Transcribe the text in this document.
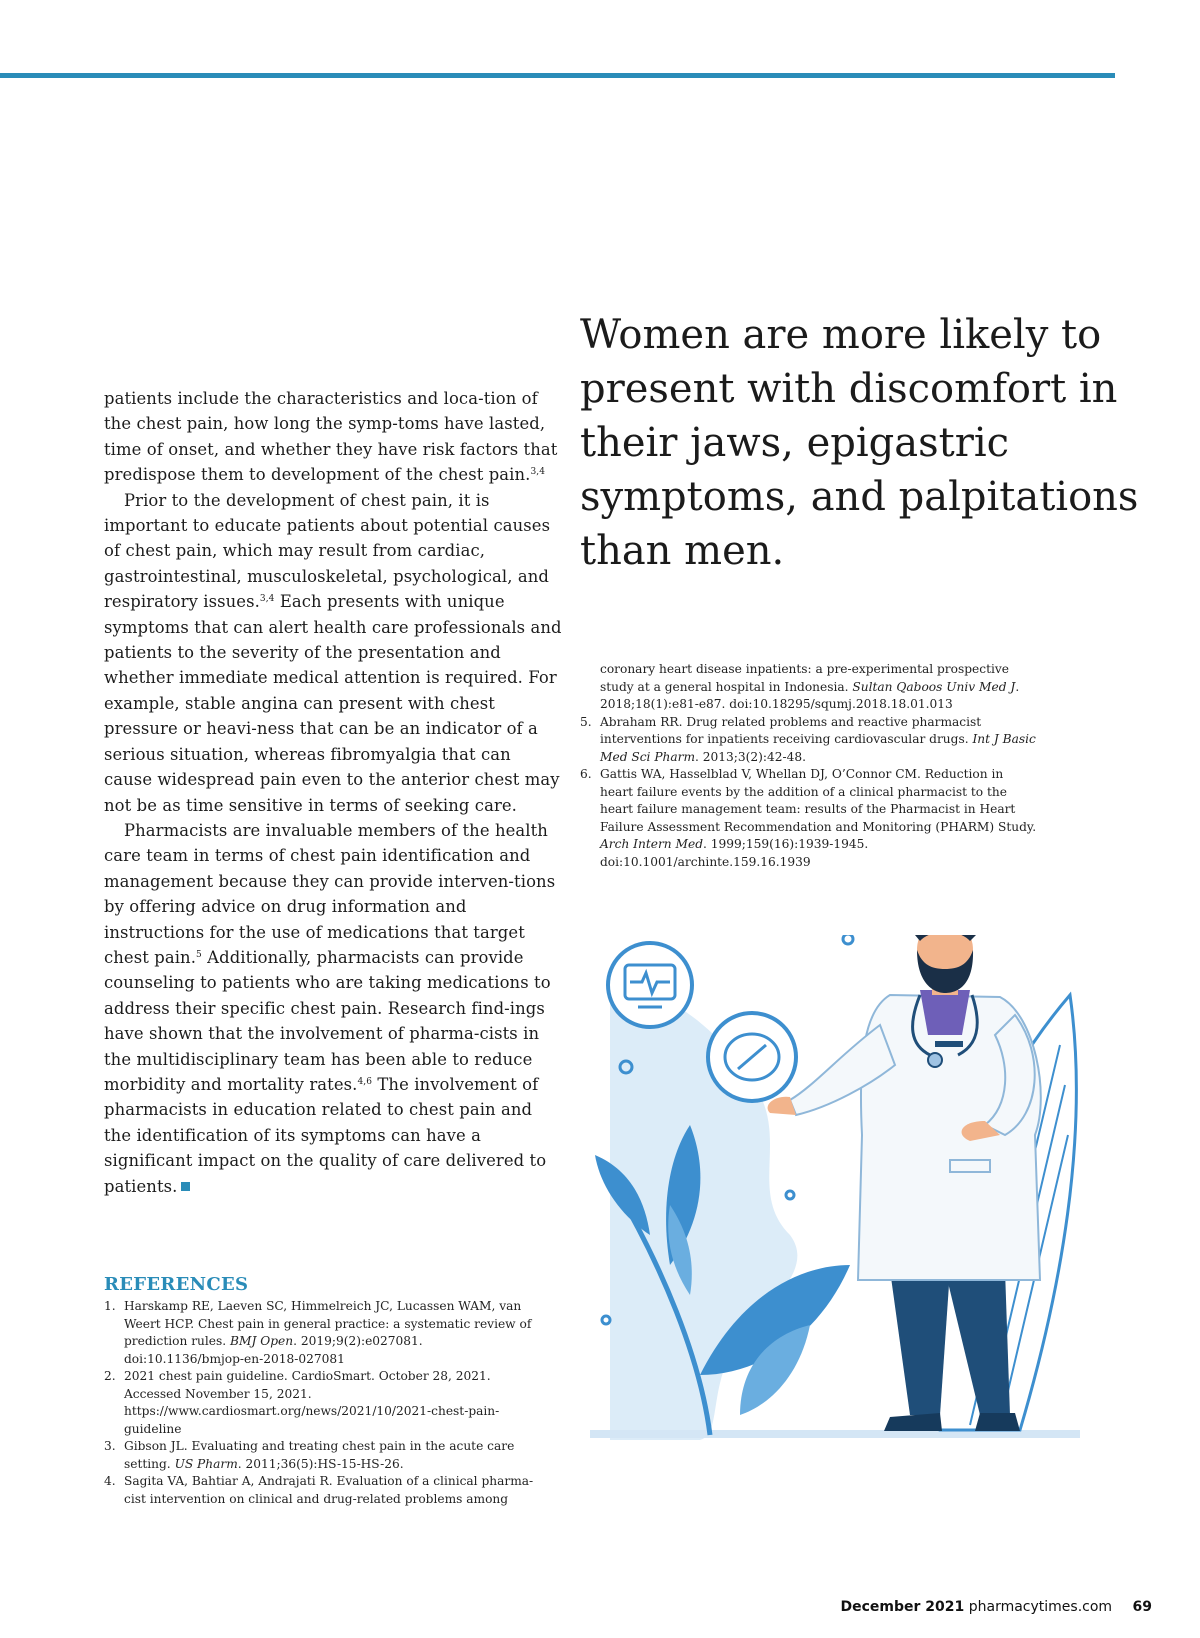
patients include the characteristics and loca-tion of the chest pain, how long the symp-toms have lasted, time of onset, and whether they have risk factors that predispose them to development of the chest pain.$^{3,4}$

Prior to the development of chest pain, it is important to educate patients about potential causes of chest pain, which may result from cardiac, gastrointestinal, musculoskeletal, psychological, and respiratory issues.$^{3,4}$ Each presents with unique symptoms that can alert health care professionals and patients to the severity of the presentation and whether immediate medical attention is required. For example, stable angina can present with chest pressure or heavi-ness that can be an indicator of a serious situation, whereas fibromyalgia that can cause widespread pain even to the anterior chest may not be as time sensitive in terms of seeking care.

Pharmacists are invaluable members of the health care team in terms of chest pain identification and management because they can provide interven-tions by offering advice on drug information and instructions for the use of medications that target chest pain.$^5$ Additionally, pharmacists can provide counseling to patients who are taking medications to address their specific chest pain. Research find-ings have shown that the involvement of pharma-cists in the multidisciplinary team has been able to reduce morbidity and mortality rates.$^{4,6}$ The involvement of pharmacists in education related to chest pain and the identification of its symptoms can have a significant impact on the quality of care delivered to patients.

Women are more likely to present with discomfort in their jaws, epigastric symptoms, and palpitations than men.
REFERENCES
1. Harskamp RE, Laeven SC, Himmelreich JC, Lucassen WAM, van Weert HCP. Chest pain in general practice: a systematic review of prediction rules. BMJ Open. 2019;9(2):e027081. doi:10.1136/bmjop-en-2018-027081
2. 2021 chest pain guideline. CardioSmart. October 28, 2021. Accessed November 15, 2021. https://www.cardiosmart.org/news/2021/10/2021-chest-pain-guideline
3. Gibson JL. Evaluating and treating chest pain in the acute care setting. US Pharm. 2011;36(5):HS-15-HS-26.
4. Sagita VA, Bahtiar A, Andrajati R. Evaluation of a clinical pharma-cist intervention on clinical and drug-related problems among
coronary heart disease inpatients: a pre-experimental prospective study at a general hospital in Indonesia. Sultan Qaboos Univ Med J. 2018;18(1):e81-e87. doi:10.18295/squmj.2018.18.01.013
5. Abraham RR. Drug related problems and reactive pharmacist interventions for inpatients receiving cardiovascular drugs. Int J Basic Med Sci Pharm. 2013;3(2):42-48.
6. Gattis WA, Hasselblad V, Whellan DJ, O’Connor CM. Reduction in heart failure events by the addition of a clinical pharmacist to the heart failure management team: results of the Pharmacist in Heart Failure Assessment Recommendation and Monitoring (PHARM) Study. Arch Intern Med. 1999;159(16):1939-1945. doi:10.1001/archinte.159.16.1939
December 2021 pharmacytimes.com 69
